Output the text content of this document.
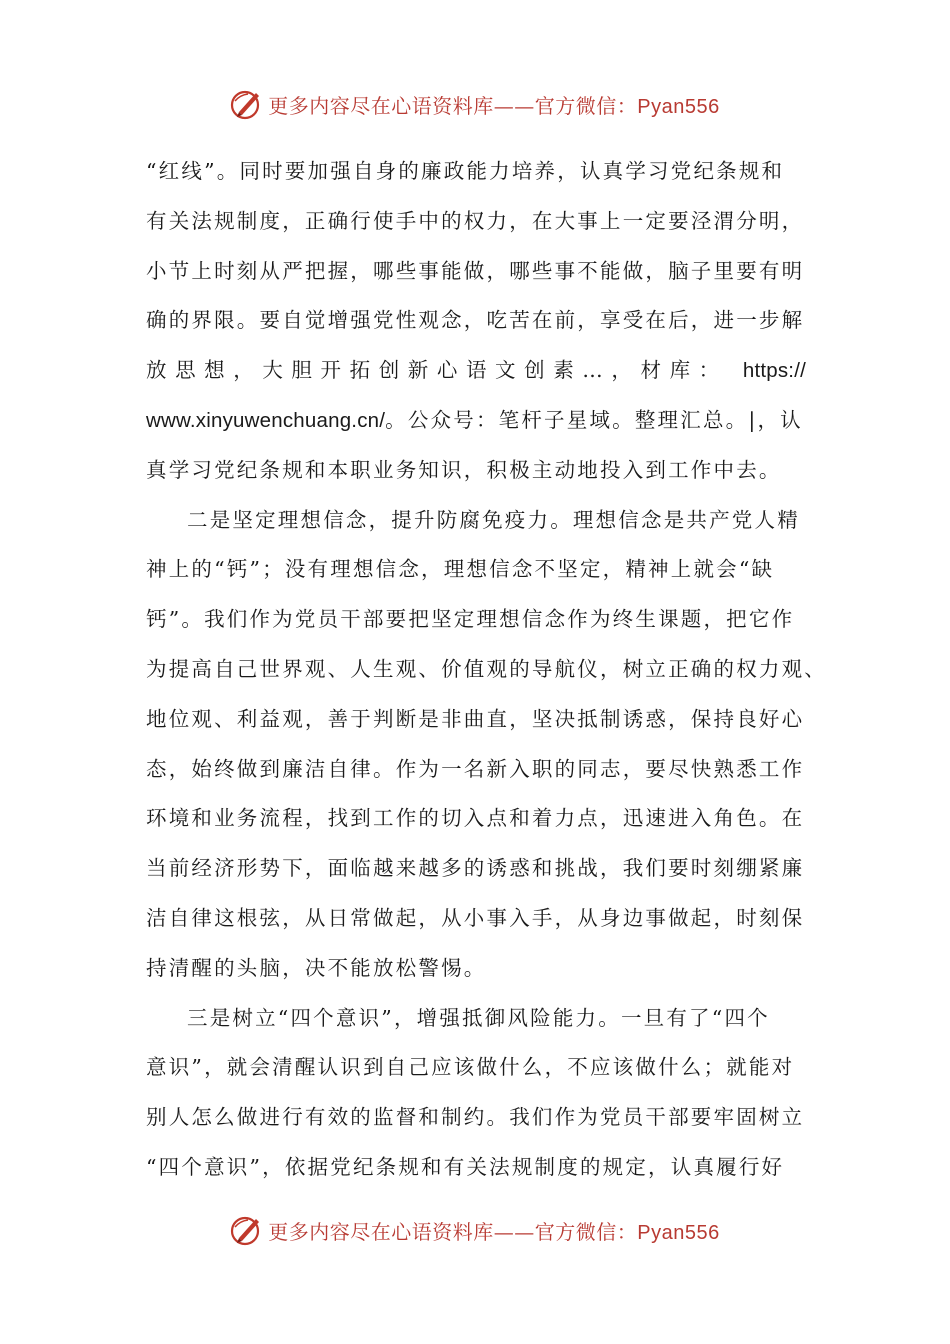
更多内容尽在心语资料库——官方微信：Pyan556
“红线”。同时要加强自身的廉政能力培养，认真学习党纪条规和
有关法规制度，正确行使手中的权力，在大事上一定要泾渭分明，
小节上时刻从严把握，哪些事能做，哪些事不能做，脑子里要有明
确的界限。要自觉增强党性观念，吃苦在前，享受在后，进一步解
放思想，大胆开拓创新心语文创素…，材库： https://
www.xinyuwenchuang.cn/。公众号：笔杆子星域。整理汇总。|，认
真学习党纪条规和本职业务知识，积极主动地投入到工作中去。
二是坚定理想信念，提升防腐免疫力。理想信念是共产党人精
神上的“钙”；没有理想信念，理想信念不坚定，精神上就会“缺
钙”。我们作为党员干部要把坚定理想信念作为终生课题，把它作
为提高自己世界观、人生观、价值观的导航仪，树立正确的权力观、
地位观、利益观，善于判断是非曲直，坚决抵制诱惑，保持良好心
态，始终做到廉洁自律。作为一名新入职的同志，要尽快熟悉工作
环境和业务流程，找到工作的切入点和着力点，迅速进入角色。在
当前经济形势下，面临越来越多的诱惑和挑战，我们要时刻绷紧廉
洁自律这根弦，从日常做起，从小事入手，从身边事做起，时刻保
持清醒的头脑，决不能放松警惕。
三是树立“四个意识”，增强抵御风险能力。一旦有了“四个
意识”，就会清醒认识到自己应该做什么，不应该做什么；就能对
别人怎么做进行有效的监督和制约。我们作为党员干部要牢固树立
“四个意识”，依据党纪条规和有关法规制度的规定，认真履行好
更多内容尽在心语资料库——官方微信：Pyan556
